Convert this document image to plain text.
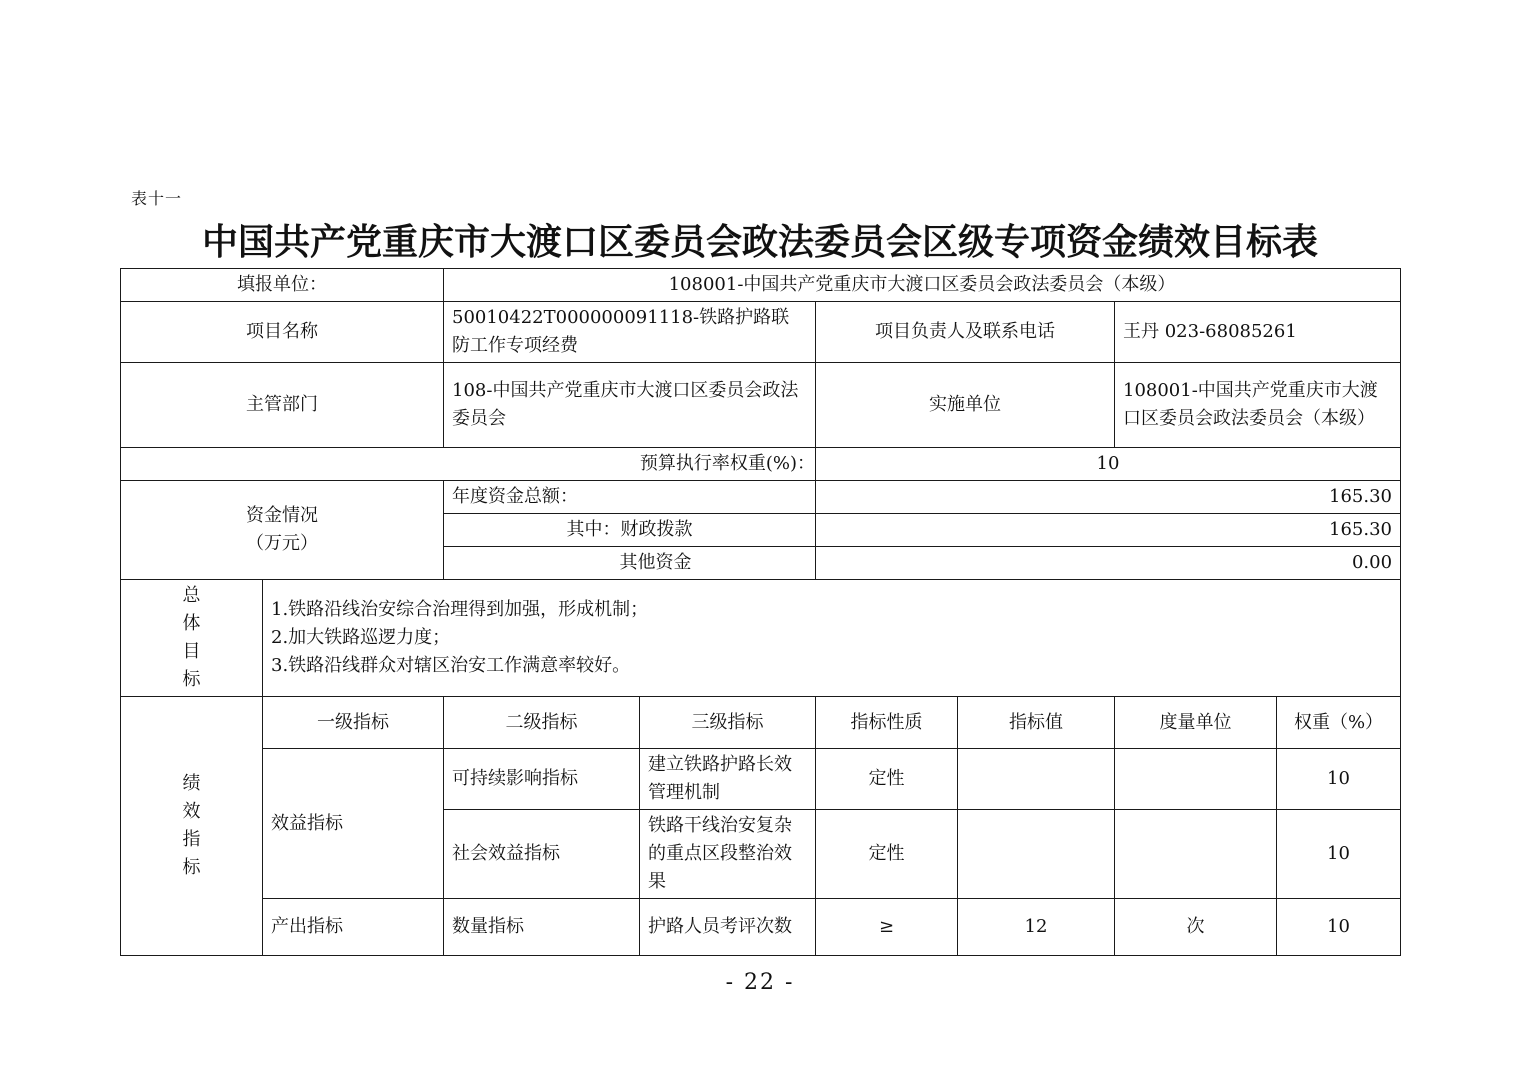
表十一
中国共产党重庆市大渡口区委员会政法委员会区级专项资金绩效目标表
填报单位：		108001-中国共产党重庆市大渡口区委员会政法委员会（本级）					
项目名称		50010422T000000091118-铁路护路联防工作专项经费		项目负责人及联系电话		王丹 023-68085261	
主管部门		108-中国共产党重庆市大渡口区委员会政法委员会		实施单位		108001-中国共产党重庆市大渡口区委员会政法委员会（本级）	
预算执行率权重(%)：				10			

资金情况
（万元）		年度资金总额：		165.30			
		其中：财政拨款		165.30			
		其他资金		0.00			

总
体
目
标	1.铁路沿线治安综合治理得到加强，形成机制；
2.加大铁路巡逻力度；
3.铁路沿线群众对辖区治安工作满意率较好。						

绩
效
指
标	一级指标	二级指标	三级指标	指标性质	指标值	度量单位	权重（%）
	效益指标	可持续影响指标	建立铁路护路长效管理机制	定性			10
		社会效益指标	铁路干线治安复杂的重点区段整治效果	定性			10
	产出指标	数量指标	护路人员考评次数	≥	12	次	10
- 22 -
